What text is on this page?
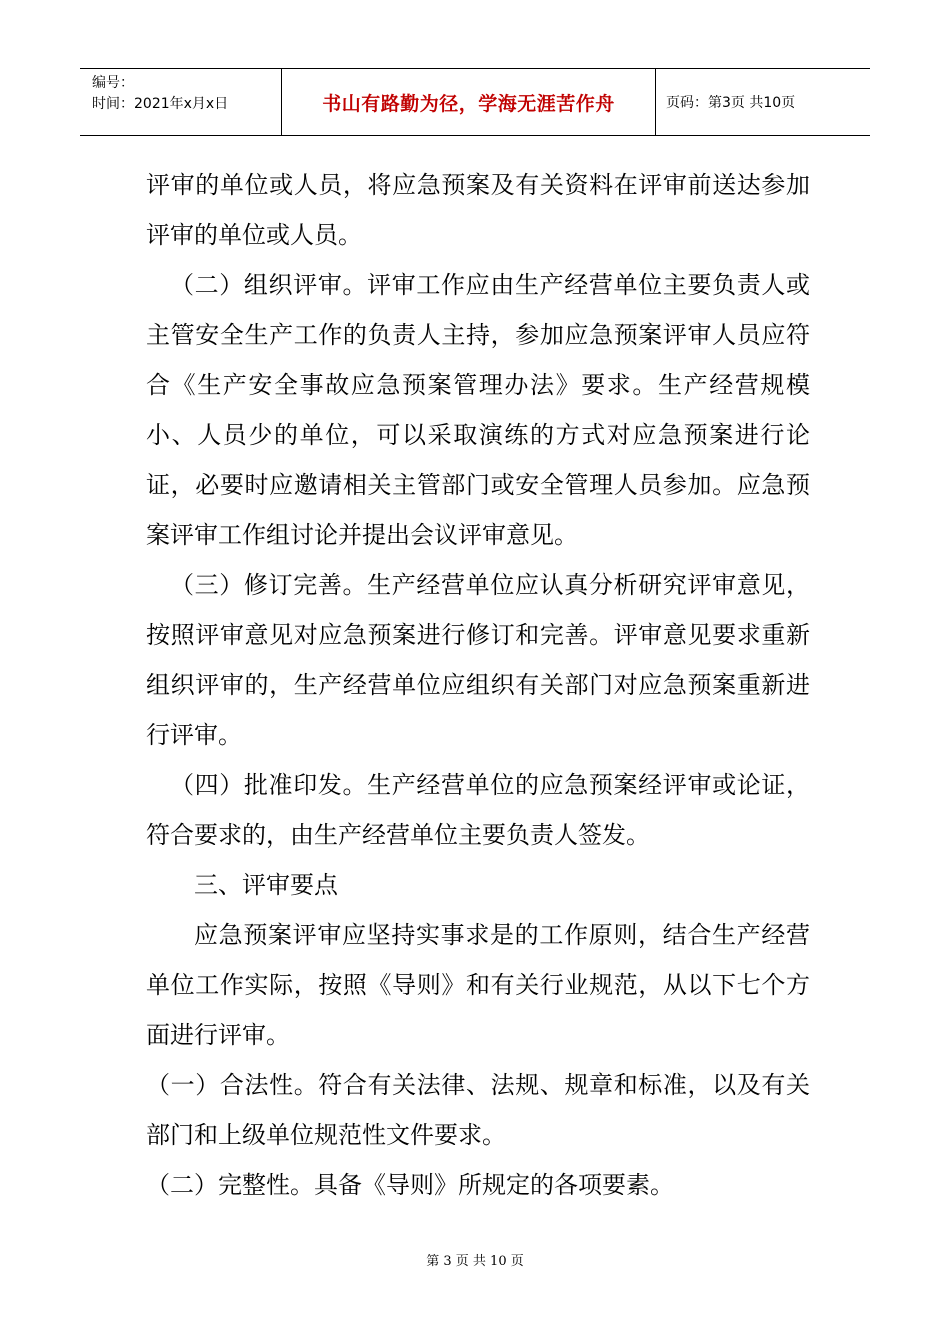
编号：
时间：2021年x月x日	书山有路勤为径，学海无涯苦作舟	页码：第3页 共10页

评审的单位或人员，将应急预案及有关资料在评审前送达参加评审的单位或人员。

（二）组织评审。评审工作应由生产经营单位主要负责人或主管安全生产工作的负责人主持，参加应急预案评审人员应符合《生产安全事故应急预案管理办法》要求。生产经营规模小、人员少的单位，可以采取演练的方式对应急预案进行论证，必要时应邀请相关主管部门或安全管理人员参加。应急预案评审工作组讨论并提出会议评审意见。

（三）修订完善。生产经营单位应认真分析研究评审意见，按照评审意见对应急预案进行修订和完善。评审意见要求重新组织评审的，生产经营单位应组织有关部门对应急预案重新进行评审。

（四）批准印发。生产经营单位的应急预案经评审或论证，符合要求的，由生产经营单位主要负责人签发。

三、评审要点

应急预案评审应坚持实事求是的工作原则，结合生产经营单位工作实际，按照《导则》和有关行业规范，从以下七个方面进行评审。

（一）合法性。符合有关法律、法规、规章和标准，以及有关部门和上级单位规范性文件要求。

（二）完整性。具备《导则》所规定的各项要素。

第 3 页 共 10 页
